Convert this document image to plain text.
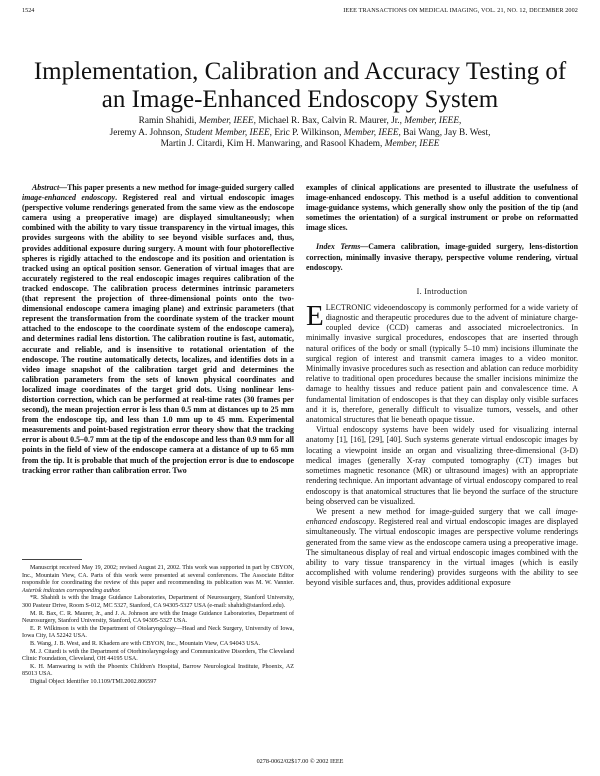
1524	IEEE TRANSACTIONS ON MEDICAL IMAGING, VOL. 21, NO. 12, DECEMBER 2002
Implementation, Calibration and Accuracy Testing of
an Image-Enhanced Endoscopy System
Ramin Shahidi, Member, IEEE, Michael R. Bax, Calvin R. Maurer, Jr., Member, IEEE,
Jeremy A. Johnson, Student Member, IEEE, Eric P. Wilkinson, Member, IEEE, Bai Wang, Jay B. West,
Martin J. Citardi, Kim H. Manwaring, and Rasool Khadem, Member, IEEE

Abstract—This paper presents a new method for image-guided surgery called image-enhanced endoscopy. Registered real and virtual endoscopic images (perspective volume renderings generated from the same view as the endoscope camera using a preoperative image) are displayed simultaneously; when combined with the ability to vary tissue transparency in the virtual images, this provides surgeons with the ability to see beyond visible surfaces and, thus, provides additional exposure during surgery. A mount with four photoreflective spheres is rigidly attached to the endoscope and its position and orientation is tracked using an optical position sensor. Generation of virtual images that are accurately registered to the real endoscopic images requires calibration of the tracked endoscope. The calibration process determines intrinsic parameters (that represent the projection of three-dimensional points onto the two-dimensional endoscope camera imaging plane) and extrinsic parameters (that represent the transformation from the coordinate system of the tracker mount attached to the endoscope to the coordinate system of the endoscope camera), and determines radial lens distortion. The calibration routine is fast, automatic, accurate and reliable, and is insensitive to rotational orientation of the endoscope. The routine automatically detects, localizes, and identifies dots in a video image snapshot of the calibration target grid and determines the calibration parameters from the sets of known physical coordinates and localized image coordinates of the target grid dots. Using nonlinear lens-distortion correction, which can be performed at real-time rates (30 frames per second), the mean projection error is less than 0.5 mm at distances up to 25 mm from the endoscope tip, and less than 1.0 mm up to 45 mm. Experimental measurements and point-based registration error theory show that the tracking error is about 0.5–0.7 mm at the tip of the endoscope and less than 0.9 mm for all points in the field of view of the endoscope camera at a distance of up to 65 mm from the tip. It is probable that much of the projection error is due to endoscope tracking error rather than calibration error. Two

Manuscript received May 19, 2002; revised August 21, 2002. This work was supported in part by CBYON, Inc., Mountain View, CA. Parts of this work were presented at several conferences. The Associate Editor responsible for coordinating the review of this paper and recommending its publication was M. W. Vannier. Asterisk indicates corresponding author.

*R. Shahidi is with the Image Guidance Laboratories, Department of Neurosurgery, Stanford University, 300 Pasteur Drive, Room S-012, MC 5327, Stanford, CA 94305-5327 USA (e-mail: shahidi@stanford.edu).

M. R. Bax, C. R. Maurer, Jr., and J. A. Johnson are with the Image Guidance Laboratories, Department of Neurosurgery, Stanford University, Stanford, CA 94305-5327 USA.

E. P. Wilkinson is with the Department of Otolaryngology—Head and Neck Surgery, University of Iowa, Iowa City, IA 52242 USA.

B. Wang, J. B. West, and R. Khadem are with CBYON, Inc., Mountain View, CA 94043 USA.

M. J. Citardi is with the Department of Otorhinolaryngology and Communicative Disorders, The Cleveland Clinic Foundation, Cleveland, OH 44195 USA.

K. H. Manwaring is with the Phoenix Children's Hospital, Barrow Neurological Institute, Phoenix, AZ 85013 USA.

Digital Object Identifier 10.1109/TMI.2002.806597

examples of clinical applications are presented to illustrate the usefulness of image-enhanced endoscopy. This method is a useful addition to conventional image-guidance systems, which generally show only the position of the tip (and sometimes the orientation) of a surgical instrument or probe on reformatted image slices.

Index Terms—Camera calibration, image-guided surgery, lens-distortion correction, minimally invasive therapy, perspective volume rendering, virtual endoscopy.

I. Introduction

ELECTRONIC videoendoscopy is commonly performed for a wide variety of diagnostic and therapeutic procedures due to the advent of miniature charge-coupled device (CCD) cameras and associated microelectronics. In minimally invasive surgical procedures, endoscopes that are inserted through natural orifices of the body or small (typically 5–10 mm) incisions illuminate the surgical region of interest and transmit camera images to a video monitor. Minimally invasive procedures such as resection and ablation can reduce morbidity relative to traditional open procedures because the smaller incisions minimize the damage to healthy tissues and reduce patient pain and convalescence time. A fundamental limitation of endoscopes is that they can display only visible surfaces and it is, therefore, generally difficult to visualize tumors, vessels, and other anatomical structures that lie beneath opaque tissue.

Virtual endoscopy systems have been widely used for visualizing internal anatomy [1], [16], [29], [40]. Such systems generate virtual endoscopic images by locating a viewpoint inside an organ and visualizing three-dimensional (3-D) medical images (generally X-ray computed tomography (CT) images but sometimes magnetic resonance (MR) or ultrasound images) with an appropriate rendering technique. An important advantage of virtual endoscopy compared to real endoscopy is that anatomical structures that lie beyond the surface of the structure being observed can be visualized.

We present a new method for image-guided surgery that we call image-enhanced endoscopy. Registered real and virtual endoscopic images are displayed simultaneously. The virtual endoscopic images are perspective volume renderings generated from the same view as the endoscope camera using a preoperative image. The simultaneous display of real and virtual endoscopic images combined with the ability to vary tissue transparency in the virtual images (which is easily accomplished with volume rendering) provides surgeons with the ability to see beyond visible surfaces and, thus, provides additional exposure

0278-0062/02$17.00 © 2002 IEEE
